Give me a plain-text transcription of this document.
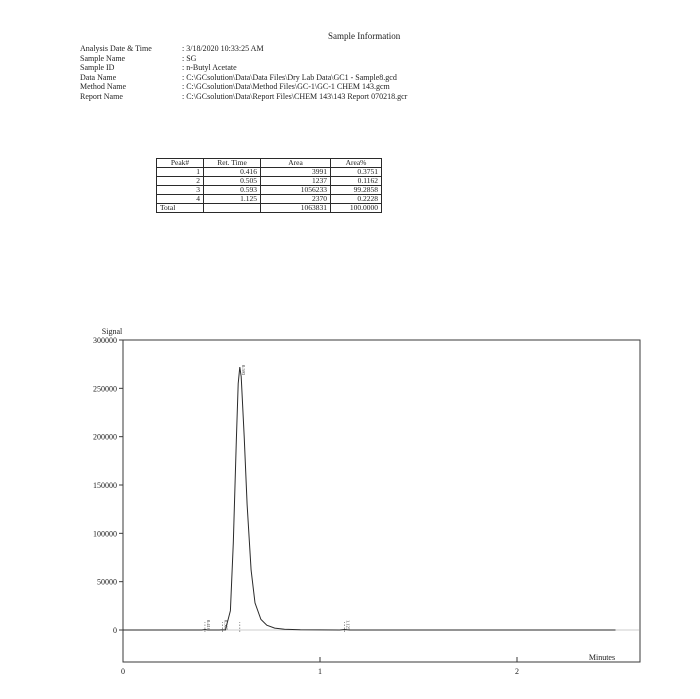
Sample Information
Analysis Date & Time	: 3/18/2020 10:33:25 AM
Sample Name	: SG
Sample ID	: n-Butyl Acetate
Data Name	: C:\GCsolution\Data\Data Files\Dry Lab Data\GC1 - Sample8.gcd
Method Name	: C:\GCsolution\Data\Method Files\GC-1\GC-1 CHEM 143.gcm
Report Name	: C:\GCsolution\Data\Report Files\CHEM 143\143 Report 070218.gcr
Peak#	Ret. Time	Area	Area%
1	0.416	3991	0.3751
2	0.505	1237	0.1162
3	0.593	1056233	99.2858
4	1.125	2370	0.2228
Total		1063831	100.0000
0
50000
100000
150000
200000
250000
300000
Signal
0	1	2
Minutes
0.416	0.505
0.593
1.125
